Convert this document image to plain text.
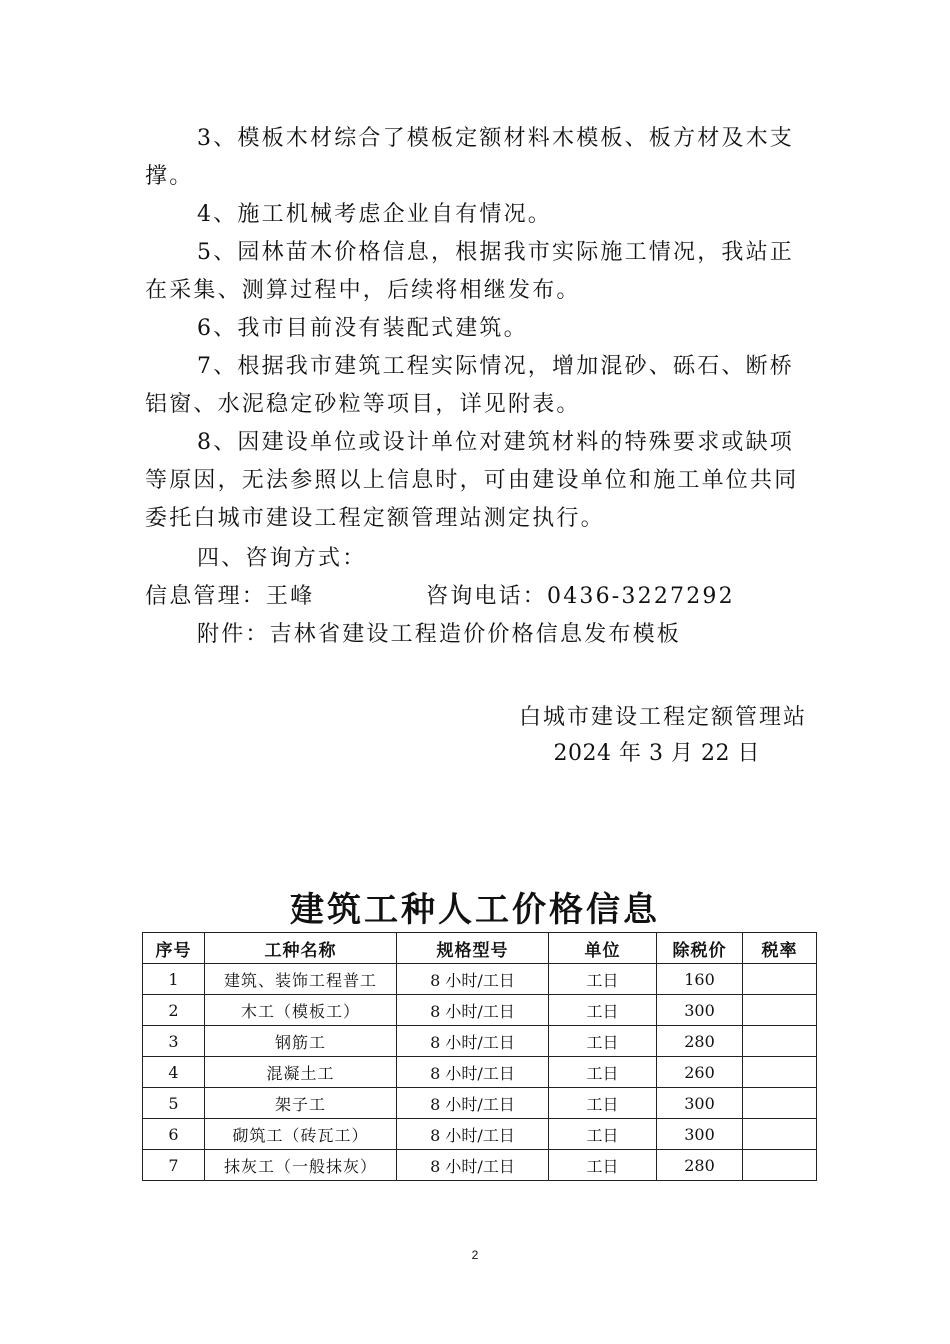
3、模板木材综合了模板定额材料木模板、板方材及木支撑。
4、施工机械考虑企业自有情况。
5、园林苗木价格信息，根据我市实际施工情况，我站正在采集、测算过程中，后续将相继发布。
6、我市目前没有装配式建筑。
7、根据我市建筑工程实际情况，增加混砂、砾石、断桥铝窗、水泥稳定砂粒等项目，详见附表。
8、因建设单位或设计单位对建筑材料的特殊要求或缺项等原因，无法参照以上信息时，可由建设单位和施工单位共同委托白城市建设工程定额管理站测定执行。
四、咨询方式：
信息管理：王峰	咨询电话：0436-3227292
附件：吉林省建设工程造价价格信息发布模板
白城市建设工程定额管理站
2024 年 3 月 22 日
建筑工种人工价格信息
序号	工种名称	规格型号	单位	除税价	税率
1	建筑、装饰工程普工	8 小时/工日	工日	160	
2	木工（模板工）	8 小时/工日	工日	300	
3	钢筋工	8 小时/工日	工日	280	
4	混凝土工	8 小时/工日	工日	260	
5	架子工	8 小时/工日	工日	300	
6	砌筑工（砖瓦工）	8 小时/工日	工日	300	
7	抹灰工（一般抹灰）	8 小时/工日	工日	280	
2
